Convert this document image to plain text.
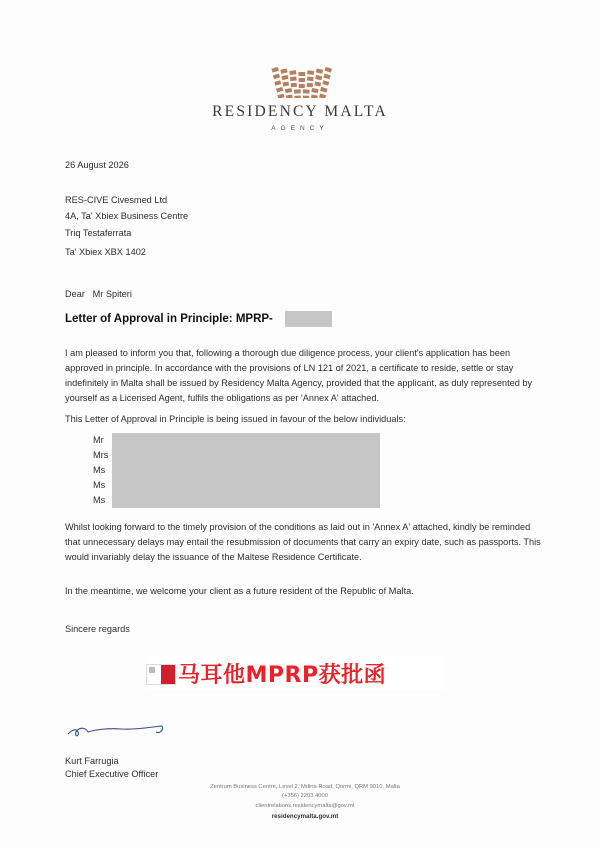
RESIDENCY MALTA
AGENCY
26 August 2026
RES-CIVE Civesmed Ltd
4A, Ta' Xbiex Business Centre
Triq Testaferrata
Ta' Xbiex XBX 1402
Dear   Mr Spiteri
Letter of Approval in Principle: MPRP-
I am pleased to inform you that, following a thorough due diligence process, your client's application has been approved in principle. In accordance with the provisions of LN 121 of 2021, a certificate to reside, settle or stay indefinitely in Malta shall be issued by Residency Malta Agency, provided that the applicant, as duly represented by yourself as a Licensed Agent, fulfils the obligations as per 'Annex A' attached.
This Letter of Approval in Principle is being issued in favour of the below individuals:
Mr
Mrs
Ms
Ms
Ms
Whilst looking forward to the timely provision of the conditions as laid out in 'Annex A' attached, kindly be reminded that unnecessary delays may entail the resubmission of documents that carry an expiry date, such as passports. This would invariably delay the issuance of the Maltese Residence Certificate.
In the meantime, we welcome your client as a future resident of the Republic of Malta.
Sincere regards
马耳他MPRP获批函
Kurt Farrugia
Chief Executive Officer
Zentrum Business Centre, Level 2, Mdina Road, Qormi, QRM 9010, Malta
(+356) 2203 4000
clientrelations.residencymalta@gov.mt
residencymalta.gov.mt
